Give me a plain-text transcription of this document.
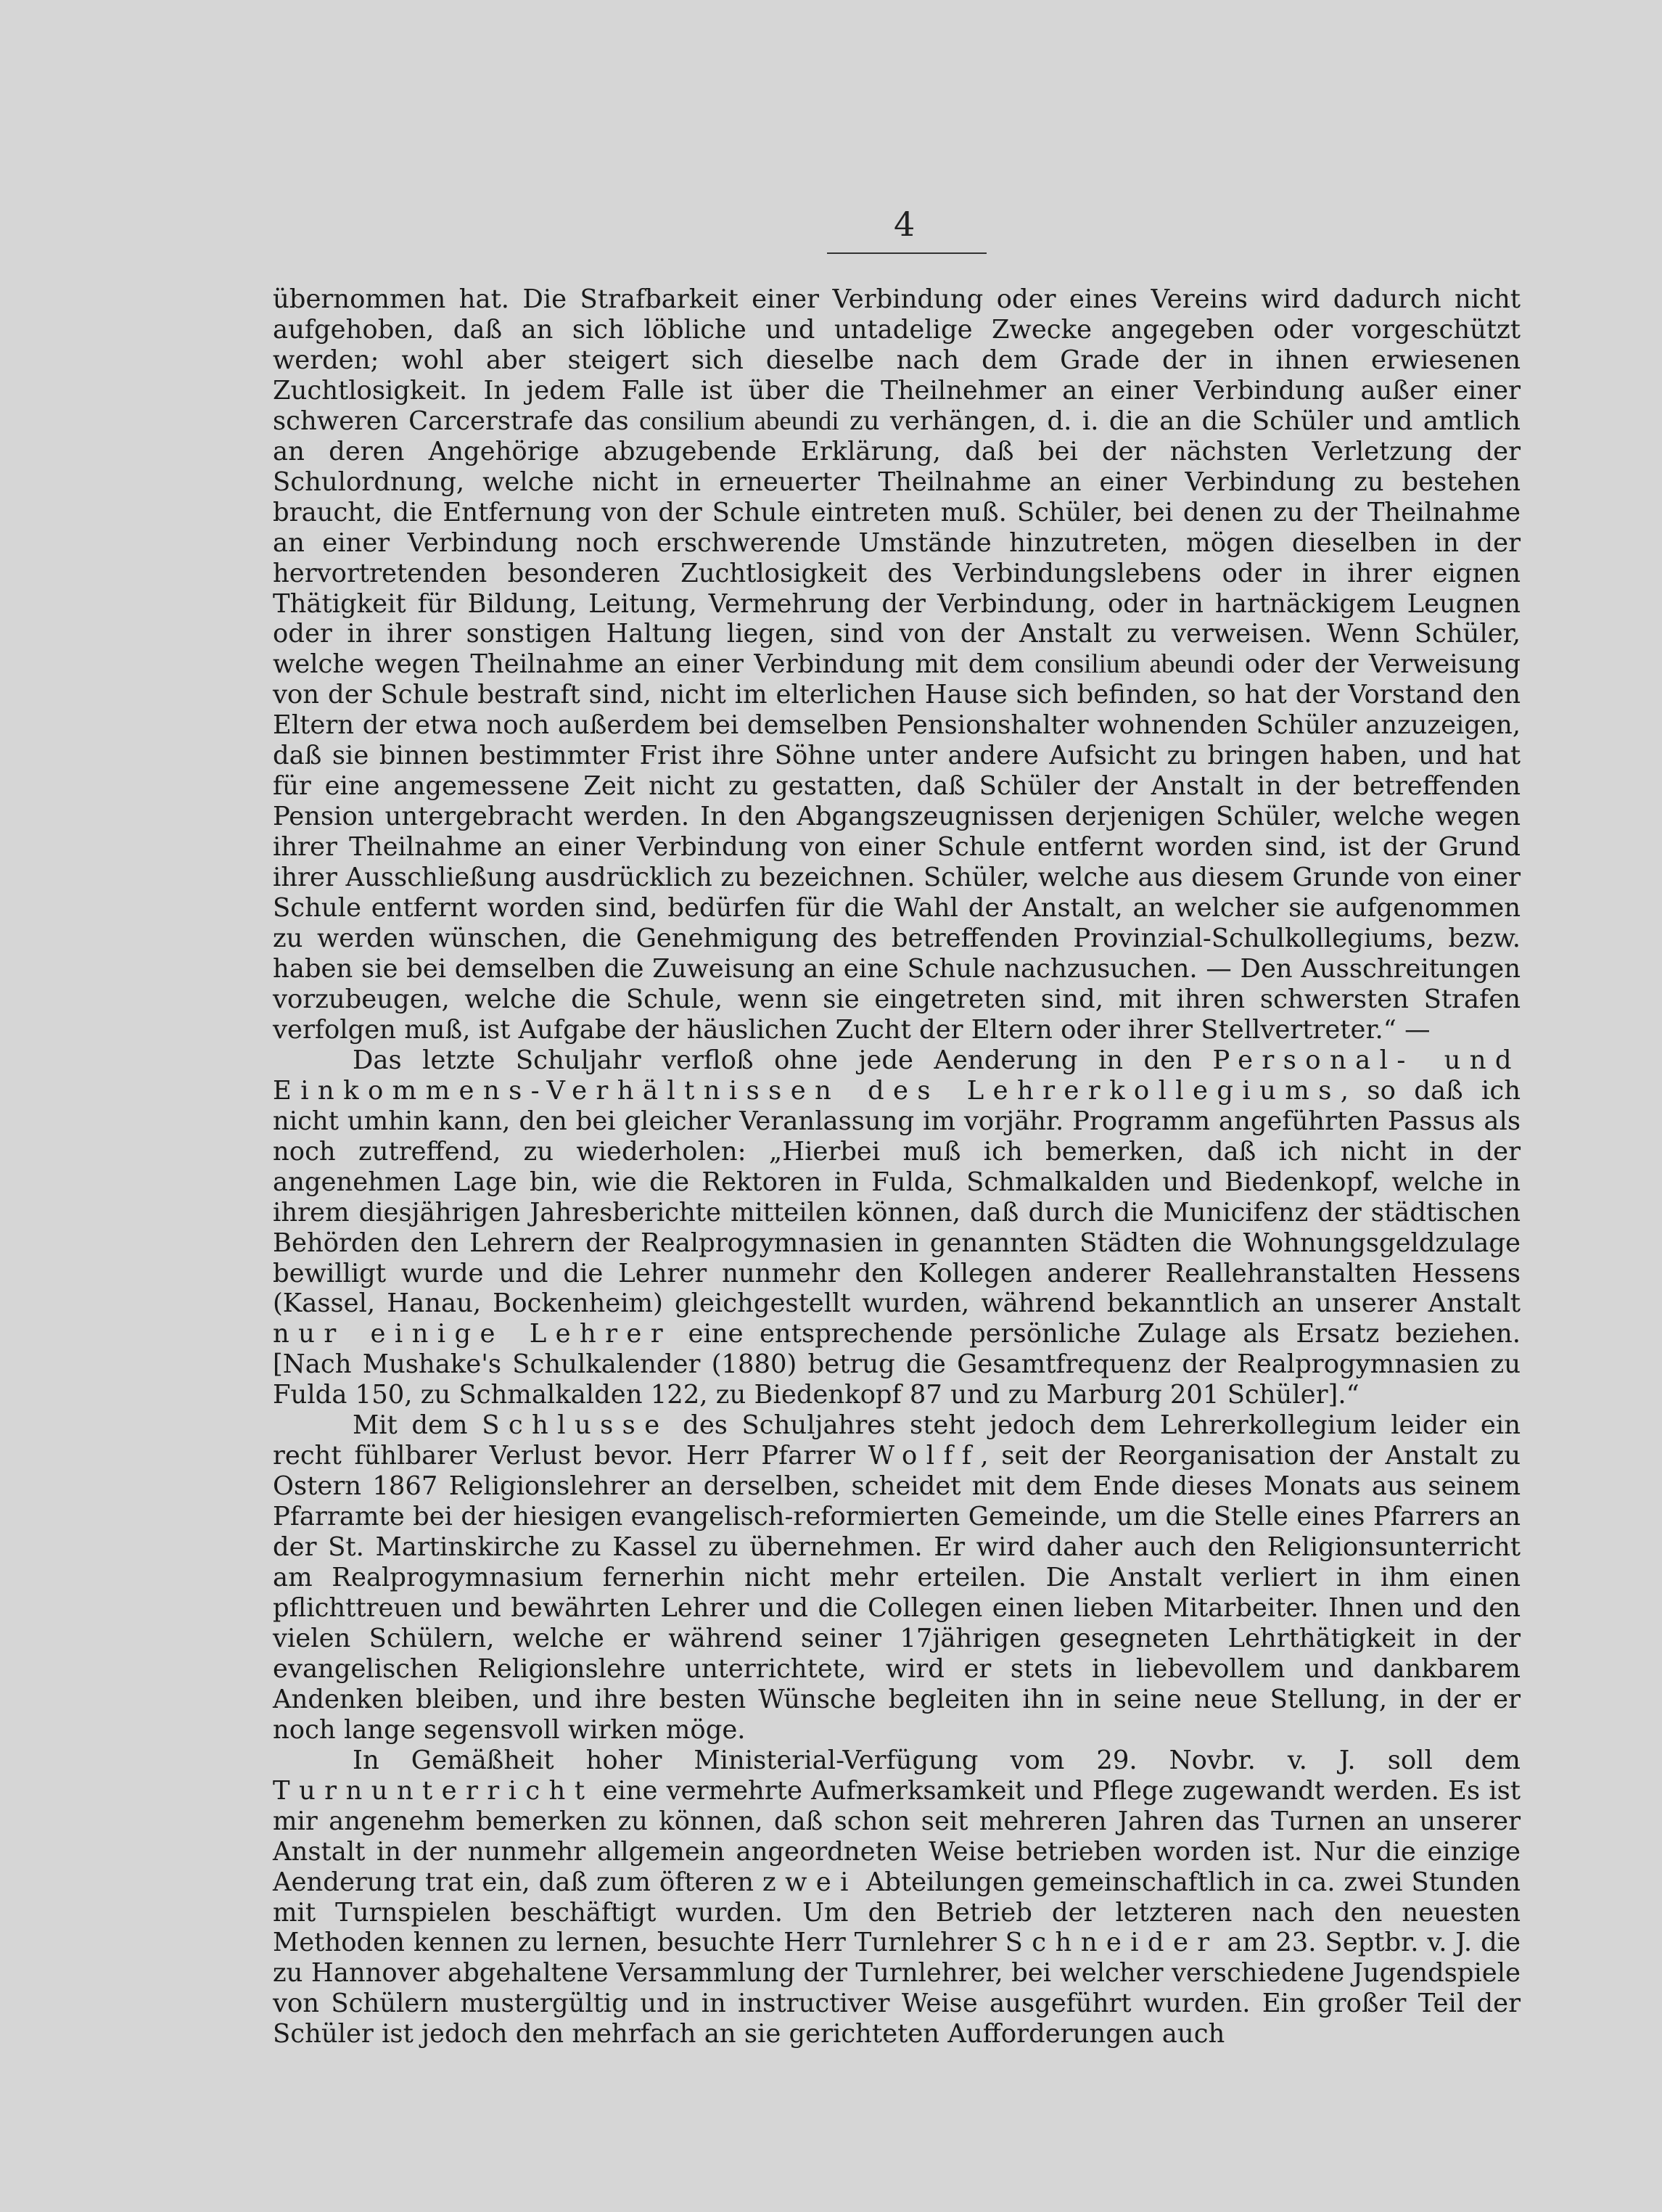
4

übernommen hat. Die Strafbarkeit einer Verbindung oder eines Vereins wird dadurch nicht aufgehoben, daß an sich löbliche und untadelige Zwecke angegeben oder vorgeschützt werden; wohl aber steigert sich dieselbe nach dem Grade der in ihnen erwiesenen Zuchtlosigkeit. In jedem Falle ist über die Theilnehmer an einer Verbindung außer einer schweren Carcerstrafe das consilium abeundi zu verhängen, d. i. die an die Schüler und amtlich an deren Angehörige abzugebende Erklärung, daß bei der nächsten Verletzung der Schulordnung, welche nicht in erneuerter Theilnahme an einer Verbindung zu bestehen braucht, die Entfernung von der Schule eintreten muß. Schüler, bei denen zu der Theilnahme an einer Verbindung noch erschwerende Umstände hinzutreten, mögen dieselben in der hervortretenden besonderen Zuchtlosigkeit des Verbindungslebens oder in ihrer eignen Thätigkeit für Bildung, Leitung, Vermehrung der Verbindung, oder in hartnäckigem Leugnen oder in ihrer sonstigen Haltung liegen, sind von der Anstalt zu verweisen. Wenn Schüler, welche wegen Theilnahme an einer Verbindung mit dem consilium abeundi oder der Verweisung von der Schule bestraft sind, nicht im elterlichen Hause sich befinden, so hat der Vorstand den Eltern der etwa noch außerdem bei demselben Pensionshalter wohnenden Schüler anzuzeigen, daß sie binnen bestimmter Frist ihre Söhne unter andere Aufsicht zu bringen haben, und hat für eine angemessene Zeit nicht zu gestatten, daß Schüler der Anstalt in der betreffenden Pension untergebracht werden. In den Abgangszeugnissen derjenigen Schüler, welche wegen ihrer Theilnahme an einer Verbindung von einer Schule entfernt worden sind, ist der Grund ihrer Ausschließung ausdrücklich zu bezeichnen. Schüler, welche aus diesem Grunde von einer Schule entfernt worden sind, bedürfen für die Wahl der Anstalt, an welcher sie aufgenommen zu werden wünschen, die Genehmigung des betreffenden Provinzial-Schulkollegiums, bezw. haben sie bei demselben die Zuweisung an eine Schule nachzusuchen. — Den Ausschreitungen vorzubeugen, welche die Schule, wenn sie eingetreten sind, mit ihren schwersten Strafen verfolgen muß, ist Aufgabe der häuslichen Zucht der Eltern oder ihrer Stellvertreter.“ —

Das letzte Schuljahr verfloß ohne jede Aenderung in den Personal- und Einkommens-Verhältnissen des Lehrerkollegiums, so daß ich nicht umhin kann, den bei gleicher Veranlassung im vorjähr. Programm angeführten Passus als noch zutreffend, zu wiederholen: „Hierbei muß ich bemerken, daß ich nicht in der angenehmen Lage bin, wie die Rektoren in Fulda, Schmalkalden und Biedenkopf, welche in ihrem diesjährigen Jahresberichte mitteilen können, daß durch die Municifenz der städtischen Behörden den Lehrern der Realprogymnasien in genannten Städten die Wohnungsgeldzulage bewilligt wurde und die Lehrer nunmehr den Kollegen anderer Reallehranstalten Hessens (Kassel, Hanau, Bockenheim) gleichgestellt wurden, während bekanntlich an unserer Anstalt nur einige Lehrer eine entsprechende persönliche Zulage als Ersatz beziehen. [Nach Mushake's Schulkalender (1880) betrug die Gesamtfrequenz der Realprogymnasien zu Fulda 150, zu Schmalkalden 122, zu Biedenkopf 87 und zu Marburg 201 Schüler].“

Mit dem Schlusse des Schuljahres steht jedoch dem Lehrerkollegium leider ein recht fühlbarer Verlust bevor. Herr Pfarrer Wolff, seit der Reorganisation der Anstalt zu Ostern 1867 Religionslehrer an derselben, scheidet mit dem Ende dieses Monats aus seinem Pfarramte bei der hiesigen evangelisch-reformierten Gemeinde, um die Stelle eines Pfarrers an der St. Martinskirche zu Kassel zu übernehmen. Er wird daher auch den Religionsunterricht am Realprogymnasium fernerhin nicht mehr erteilen. Die Anstalt verliert in ihm einen pflichttreuen und bewährten Lehrer und die Collegen einen lieben Mitarbeiter. Ihnen und den vielen Schülern, welche er während seiner 17jährigen gesegneten Lehrthätigkeit in der evangelischen Religionslehre unterrichtete, wird er stets in liebevollem und dankbarem Andenken bleiben, und ihre besten Wünsche begleiten ihn in seine neue Stellung, in der er noch lange segensvoll wirken möge.

In Gemäßheit hoher Ministerial-Verfügung vom 29. Novbr. v. J. soll dem Turnunterricht eine vermehrte Aufmerksamkeit und Pflege zugewandt werden. Es ist mir angenehm bemerken zu können, daß schon seit mehreren Jahren das Turnen an unserer Anstalt in der nunmehr allgemein angeordneten Weise betrieben worden ist. Nur die einzige Aenderung trat ein, daß zum öfteren zwei Abteilungen gemeinschaftlich in ca. zwei Stunden mit Turnspielen beschäftigt wurden. Um den Betrieb der letzteren nach den neuesten Methoden kennen zu lernen, besuchte Herr Turnlehrer Schneider am 23. Septbr. v. J. die zu Hannover abgehaltene Versammlung der Turnlehrer, bei welcher verschiedene Jugendspiele von Schülern mustergültig und in instructiver Weise ausgeführt wurden. Ein großer Teil der Schüler ist jedoch den mehrfach an sie gerichteten Aufforderungen auch
